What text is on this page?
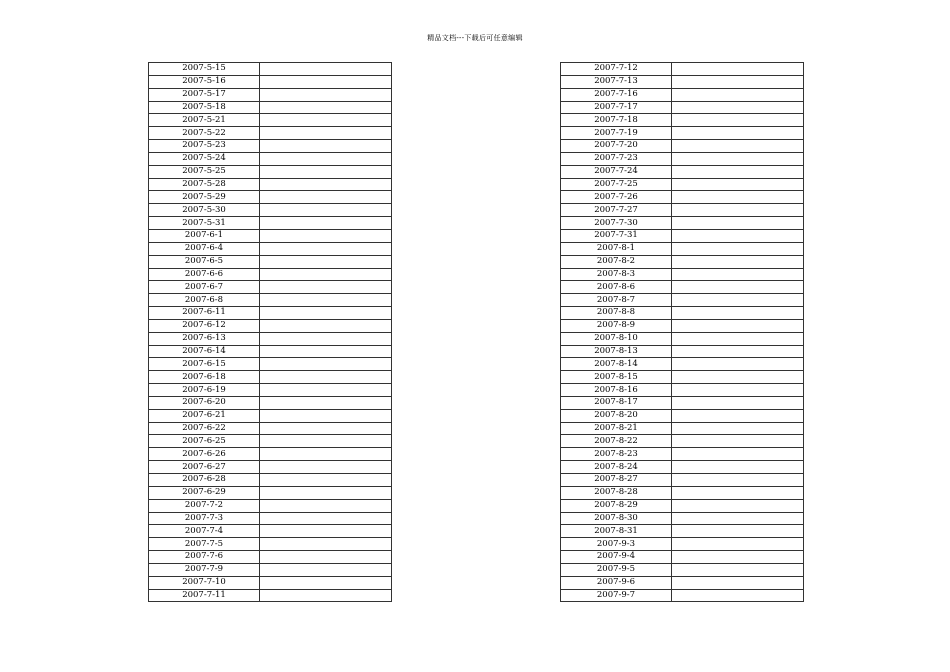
精品文档---下载后可任意编辑
2007-5-15	
2007-5-16	
2007-5-17	
2007-5-18	
2007-5-21	
2007-5-22	
2007-5-23	
2007-5-24	
2007-5-25	
2007-5-28	
2007-5-29	
2007-5-30	
2007-5-31	
2007-6-1	
2007-6-4	
2007-6-5	
2007-6-6	
2007-6-7	
2007-6-8	
2007-6-11	
2007-6-12	
2007-6-13	
2007-6-14	
2007-6-15	
2007-6-18	
2007-6-19	
2007-6-20	
2007-6-21	
2007-6-22	
2007-6-25	
2007-6-26	
2007-6-27	
2007-6-28	
2007-6-29	
2007-7-2	
2007-7-3	
2007-7-4	
2007-7-5	
2007-7-6	
2007-7-9	
2007-7-10	
2007-7-11	
2007-7-12	
2007-7-13	
2007-7-16	
2007-7-17	
2007-7-18	
2007-7-19	
2007-7-20	
2007-7-23	
2007-7-24	
2007-7-25	
2007-7-26	
2007-7-27	
2007-7-30	
2007-7-31	
2007-8-1	
2007-8-2	
2007-8-3	
2007-8-6	
2007-8-7	
2007-8-8	
2007-8-9	
2007-8-10	
2007-8-13	
2007-8-14	
2007-8-15	
2007-8-16	
2007-8-17	
2007-8-20	
2007-8-21	
2007-8-22	
2007-8-23	
2007-8-24	
2007-8-27	
2007-8-28	
2007-8-29	
2007-8-30	
2007-8-31	
2007-9-3	
2007-9-4	
2007-9-5	
2007-9-6	
2007-9-7	
